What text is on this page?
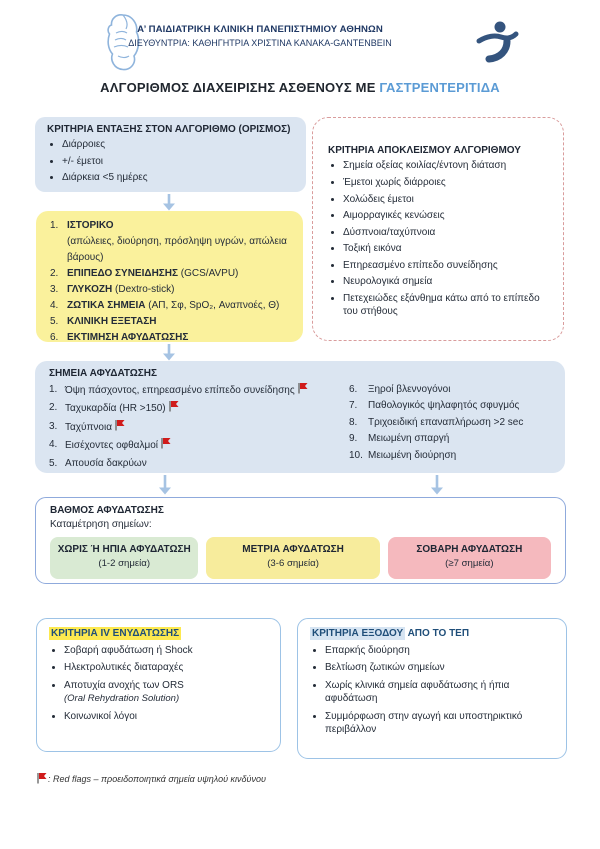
Α’ ΠΑΙΔΙΑΤΡΙΚΗ ΚΛΙΝΙΚΗ ΠΑΝΕΠΙΣΤΗΜΙΟΥ ΑΘΗΝΩΝ
ΔΙΕΥΘΥΝΤΡΙΑ: ΚΑΘΗΓΗΤΡΙΑ ΧΡΙΣΤΙΝΑ ΚΑΝΑΚΑ-GANTENBEIN
ΑΛΓΟΡΙΘΜΟΣ ΔΙΑΧΕΙΡΙΣΗΣ ΑΣΘΕΝΟΥΣ ΜΕ ΓΑΣΤΡΕΝΤΕΡΙΤΙΔΑ
ΚΡΙΤΗΡΙΑ ΕΝΤΑΞΗΣ ΣΤΟΝ ΑΛΓΟΡΙΘΜΟ (ΟΡΙΣΜΟΣ)
• Διάρροιες
• +/- έμετοι
• Διάρκεια <5 ημέρες
ΚΡΙΤΗΡΙΑ ΑΠΟΚΛΕΙΣΜΟΥ ΑΛΓΟΡΙΘΜΟΥ
• Σημεία οξείας κοιλίας/έντονη διάταση
• Έμετοι χωρίς διάρροιες
• Χολώδεις έμετοι
• Αιμορραγικές κενώσεις
• Δύσπνοια/ταχύπνοια
• Τοξική εικόνα
• Επηρεασμένο επίπεδο συνείδησης
• Νευρολογικά σημεία
• Πετεχειώδες εξάνθημα κάτω από το επίπεδο του στήθους
1. ΙΣΤΟΡΙΚΟ
(απώλειες, διούρηση, πρόσληψη υγρών, απώλεια βάρους)
2. ΕΠΙΠΕΔΟ ΣΥΝΕΙΔΗΣΗΣ (GCS/AVPU)
3. ΓΛΥΚΟΖΗ (Dextro-stick)
4. ΖΩΤΙΚΑ ΣΗΜΕΙΑ (ΑΠ, Σφ, SpO₂, Αναπνοές, Θ)
5. ΚΛΙΝΙΚΗ ΕΞΕΤΑΣΗ
6. ΕΚΤΙΜΗΣΗ ΑΦΥΔΑΤΩΣΗΣ
ΣΗΜΕΙΑ ΑΦΥΔΑΤΩΣΗΣ
1. Όψη πάσχοντος, επηρεασμένο επίπεδο συνείδησης
2. Ταχυκαρδία (HR >150)
3. Ταχύπνοια
4. Εισέχοντες οφθαλμοί
5. Απουσία δακρύων
6.	Ξηροί βλεννογόνοι
7.	Παθολογικός ψηλαφητός σφυγμός
8.	Τριχοειδική επαναπλήρωση >2 sec
9.	Μειωμένη σπαργή
10. Μειωμένη διούρηση
ΒΑΘΜΟΣ ΑΦΥΔΑΤΩΣΗΣ
Καταμέτρηση σημείων:
ΧΩΡΙΣ Ή ΗΠΙΑ ΑΦΥΔΑΤΩΣΗ
(1-2 σημεία)
ΜΕΤΡΙΑ ΑΦΥΔΑΤΩΣΗ
(3-6 σημεία)
ΣΟΒΑΡΗ ΑΦΥΔΑΤΩΣΗ
(≥7 σημεία)
ΚΡΙΤΗΡΙΑ IV ΕΝΥΔΑΤΩΣΗΣ
• Σοβαρή αφυδάτωση ή Shock
• Ηλεκτρολυτικές διαταραχές
• Αποτυχία ανοχής των ORS
(Oral Rehydration Solution)
• Κοινωνικοί λόγοι
ΚΡΙΤΗΡΙΑ ΕΞΟΔΟΥ ΑΠΟ ΤΟ ΤΕΠ
• Επαρκής διούρηση
• Βελτίωση ζωτικών σημείων
• Χωρίς κλινικά σημεία αφυδάτωσης ή ήπια αφυδάτωση
• Συμμόρφωση στην αγωγή και υποστηρικτικό περιβάλλον
: Red flags – προειδοποιητικά σημεία υψηλού κινδύνου
